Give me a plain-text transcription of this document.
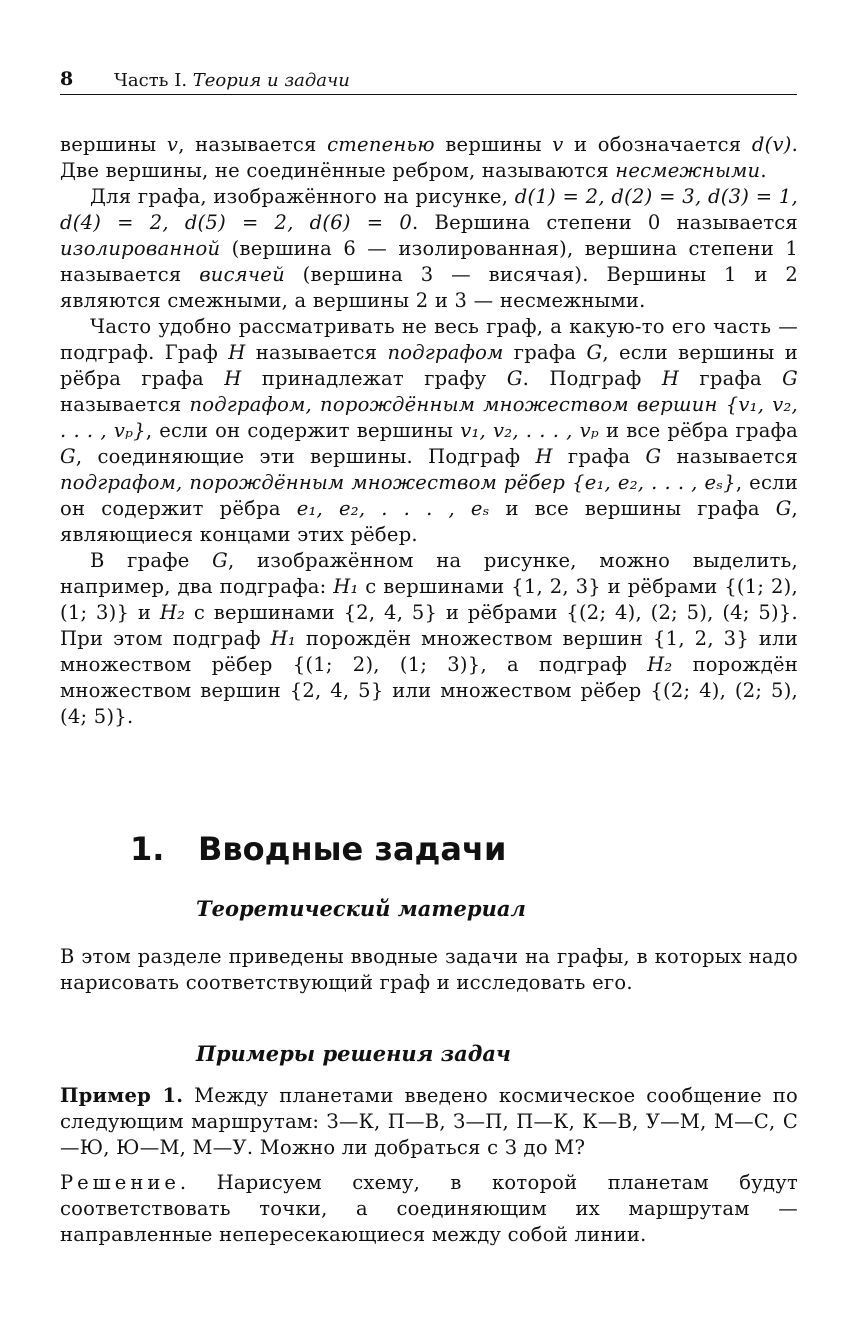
8 Часть I. Теория и задачи

вершины v, называется степенью вершины v и обозначается d(v). Две вершины, не соединённые ребром, называются несмежными.

Для графа, изображённого на рисунке, d(1) = 2, d(2) = 3, d(3) = 1, d(4) = 2, d(5) = 2, d(6) = 0. Вершина степени 0 называется изолированной (вершина 6 — изолированная), вершина степени 1 называется висячей (вершина 3 — висячая). Вершины 1 и 2 являются смежными, а вершины 2 и 3 — несмежными.

Часто удобно рассматривать не весь граф, а какую-то его часть — подграф. Граф H называется подграфом графа G, если вершины и рёбра графа H принадлежат графу G. Подграф H графа G называется подграфом, порождённым множеством вершин {v₁, v₂, . . . , vₚ}, если он содержит вершины v₁, v₂, . . . , vₚ и все рёбра графа G, соединяющие эти вершины. Подграф H графа G называется подграфом, порождённым множеством рёбер {e₁, e₂, . . . , eₛ}, если он содержит рёбра e₁, e₂, . . . , eₛ и все вершины графа G, являющиеся концами этих рёбер.

В графе G, изображённом на рисунке, можно выделить, например, два подграфа: H₁ с вершинами {1, 2, 3} и рёбрами {(1; 2), (1; 3)} и H₂ с вершинами {2, 4, 5} и рёбрами {(2; 4), (2; 5), (4; 5)}. При этом подграф H₁ порождён множеством вершин {1, 2, 3} или множеством рёбер {(1; 2), (1; 3)}, а подграф H₂ порождён множеством вершин {2, 4, 5} или множеством рёбер {(2; 4), (2; 5), (4; 5)}.

1. Вводные задачи
Теоретический материал

В этом разделе приведены вводные задачи на графы, в которых надо нарисовать соответствующий граф и исследовать его.

Примеры решения задач

Пример 1. Между планетами введено космическое сообщение по следующим маршрутам: З—К, П—В, З—П, П—К, К—В, У—М, М—С, С—Ю, Ю—М, М—У. Можно ли добраться с З до М?

Решение. Нарисуем схему, в которой планетам будут соответствовать точки, а соединяющим их маршрутам — направленные непересекающиеся между собой линии.
